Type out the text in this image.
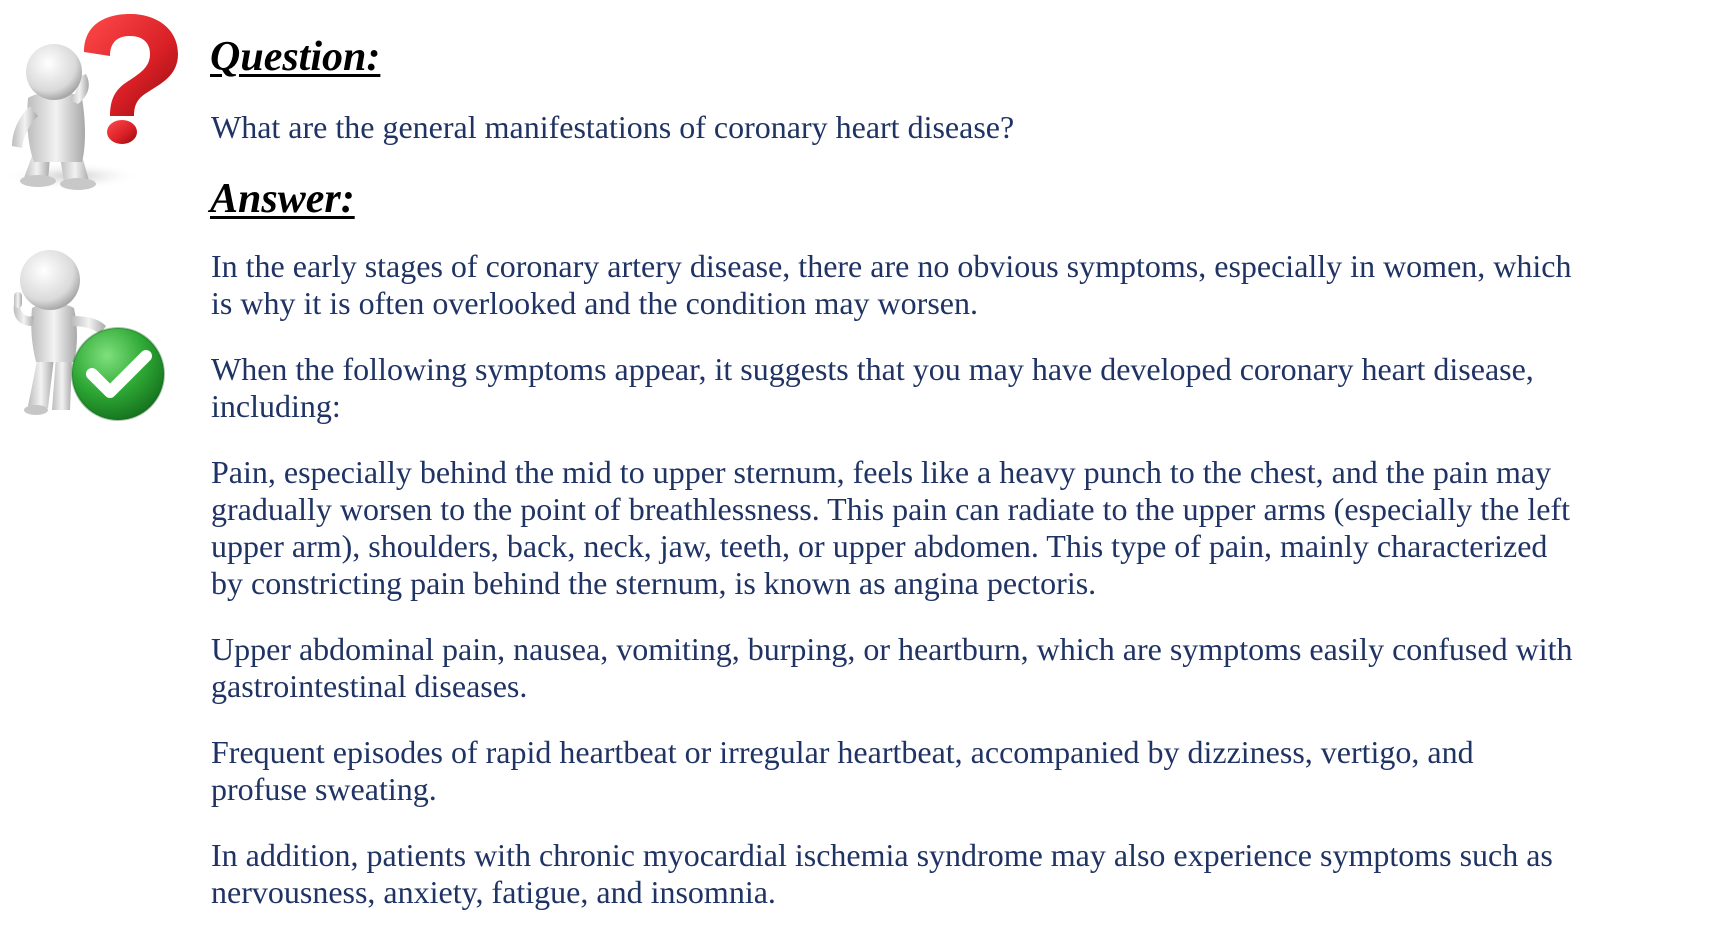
Question:

What are the general manifestations of coronary heart disease?

Answer:

In the early stages of coronary artery disease, there are no obvious symptoms, especially in women, which
is why it is often overlooked and the condition may worsen.

When the following symptoms appear, it suggests that you may have developed coronary heart disease,
including:

Pain, especially behind the mid to upper sternum, feels like a heavy punch to the chest, and the pain may
gradually worsen to the point of breathlessness. This pain can radiate to the upper arms (especially the left
upper arm), shoulders, back, neck, jaw, teeth, or upper abdomen. This type of pain, mainly characterized
by constricting pain behind the sternum, is known as angina pectoris.

Upper abdominal pain, nausea, vomiting, burping, or heartburn, which are symptoms easily confused with
gastrointestinal diseases.

Frequent episodes of rapid heartbeat or irregular heartbeat, accompanied by dizziness, vertigo, and
profuse sweating.

In addition, patients with chronic myocardial ischemia syndrome may also experience symptoms such as
nervousness, anxiety, fatigue, and insomnia.
